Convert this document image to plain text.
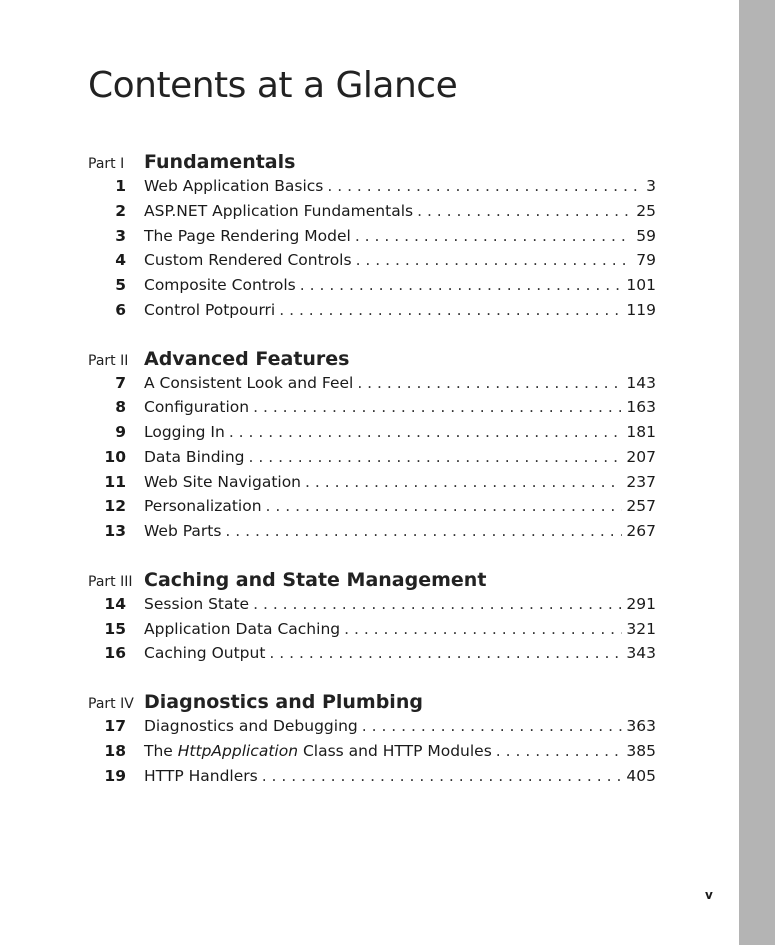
Contents at a Glance
Part I	Fundamentals
1	Web Application Basics . . .	3
2	ASP.NET Application Fundamentals . . .	25
3	The Page Rendering Model . . .	59
4	Custom Rendered Controls . . .	79
5	Composite Controls . . .	101
6	Control Potpourri . . .	119
Part II Advanced Features
7	A Consistent Look and Feel . . .	143
8	Configuration . . .	163
9	Logging In . . .	181
10	Data Binding . . .	207
11	Web Site Navigation . . .	237
12	Personalization . . .	257
13	Web Parts . . .	267
Part III Caching and State Management
14	Session State . . .	291
15	Application Data Caching . . .	321
16	Caching Output . . .	343
Part IV Diagnostics and Plumbing
17	Diagnostics and Debugging . . .	363
18	The HttpApplication Class and HTTP Modules . . .	385
19	HTTP Handlers . . .	405
v
